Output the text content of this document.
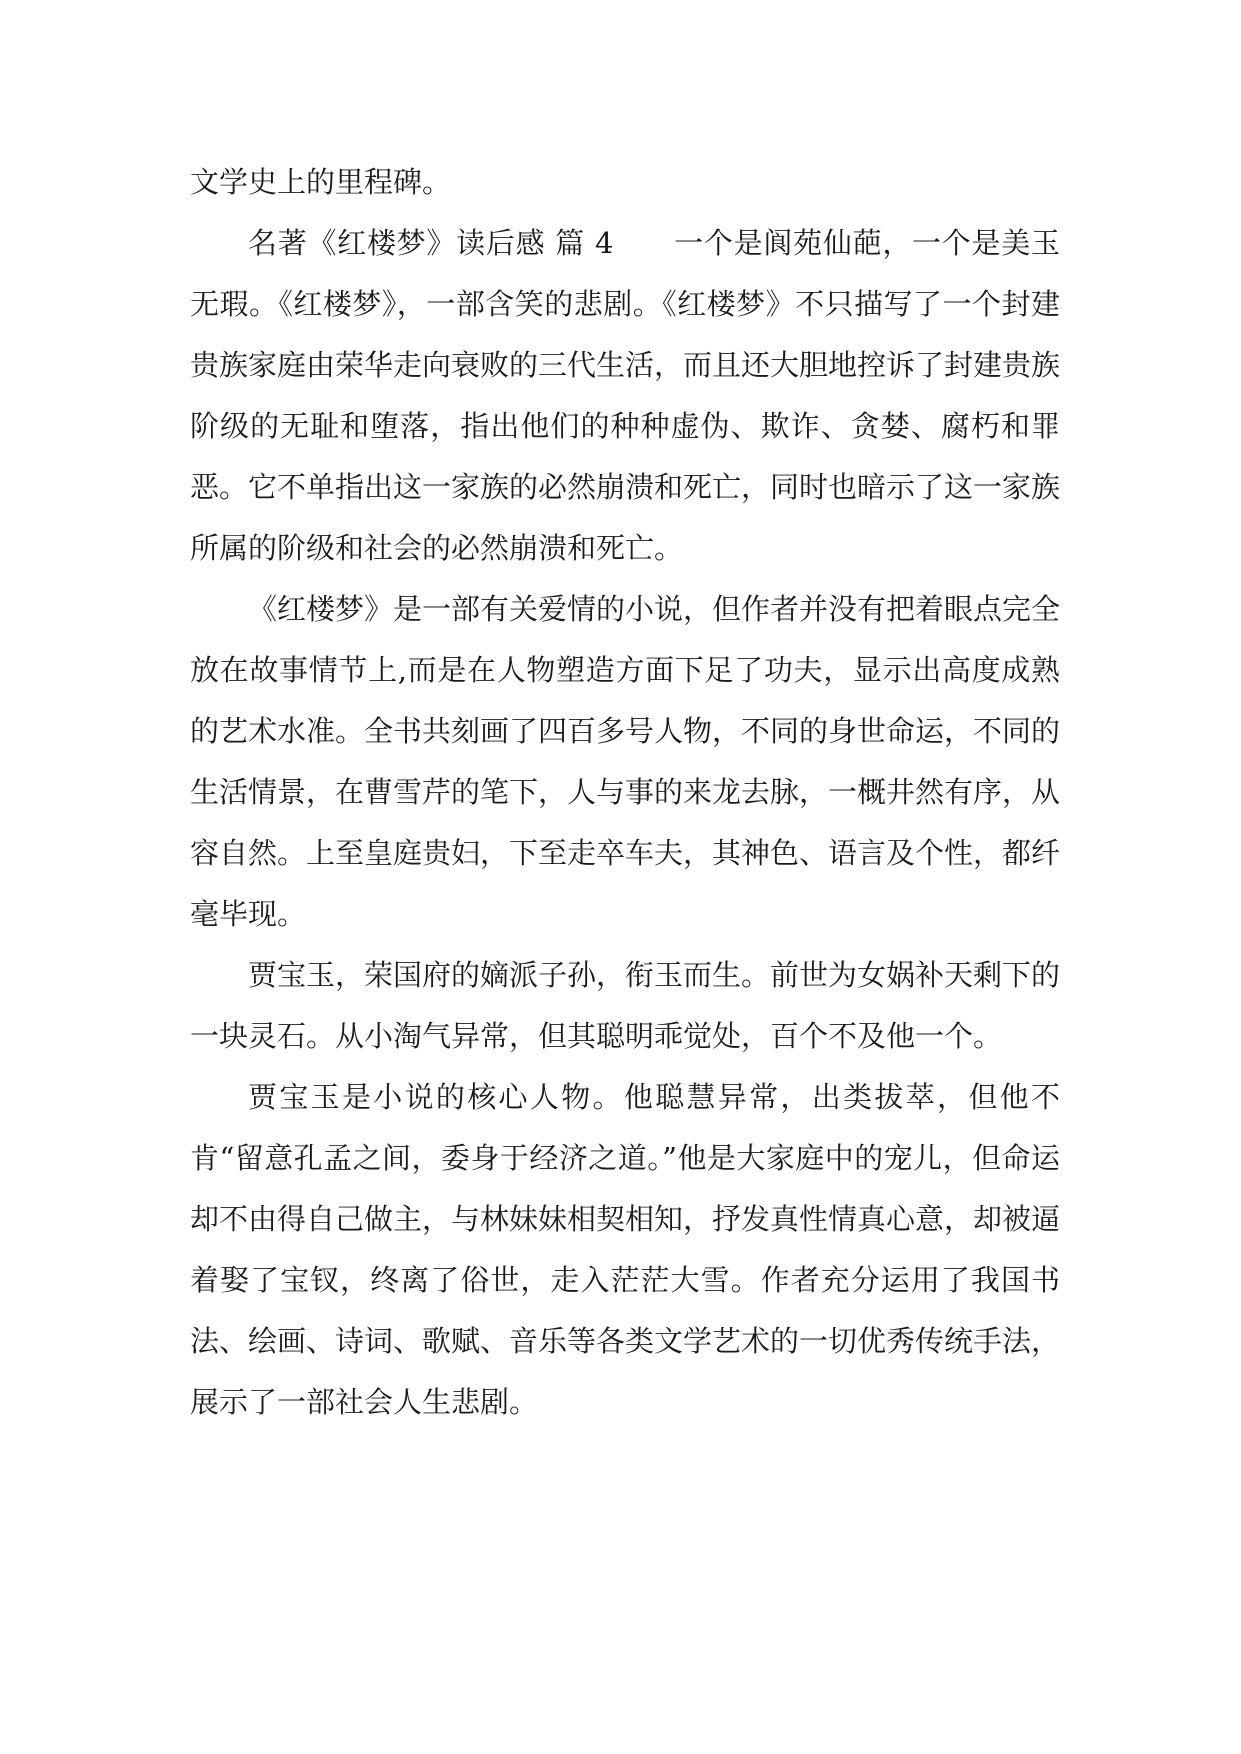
文学史上的里程碑。

名著《红楼梦》读后感 篇 4 一个是阆苑仙葩，一个是美玉无瑕。《红楼梦》，一部含笑的悲剧。《红楼梦》不只描写了一个封建贵族家庭由荣华走向衰败的三代生活，而且还大胆地控诉了封建贵族阶级的无耻和堕落，指出他们的种种虚伪、欺诈、贪婪、腐朽和罪恶。它不单指出这一家族的必然崩溃和死亡，同时也暗示了这一家族所属的阶级和社会的必然崩溃和死亡。

《红楼梦》是一部有关爱情的小说，但作者并没有把着眼点完全放在故事情节上,而是在人物塑造方面下足了功夫，显示出高度成熟的艺术水准。全书共刻画了四百多号人物，不同的身世命运，不同的生活情景，在曹雪芹的笔下，人与事的来龙去脉，一概井然有序，从容自然。上至皇庭贵妇，下至走卒车夫，其神色、语言及个性，都纤毫毕现。

贾宝玉，荣国府的嫡派子孙，衔玉而生。前世为女娲补天剩下的一块灵石。从小淘气异常，但其聪明乖觉处，百个不及他一个。

贾宝玉是小说的核心人物。他聪慧异常，出类拔萃，但他不肯“留意孔孟之间，委身于经济之道。”他是大家庭中的宠儿，但命运却不由得自己做主，与林妹妹相契相知，抒发真性情真心意，却被逼着娶了宝钗，终离了俗世，走入茫茫大雪。作者充分运用了我国书法、绘画、诗词、歌赋、音乐等各类文学艺术的一切优秀传统手法，展示了一部社会人生悲剧。
